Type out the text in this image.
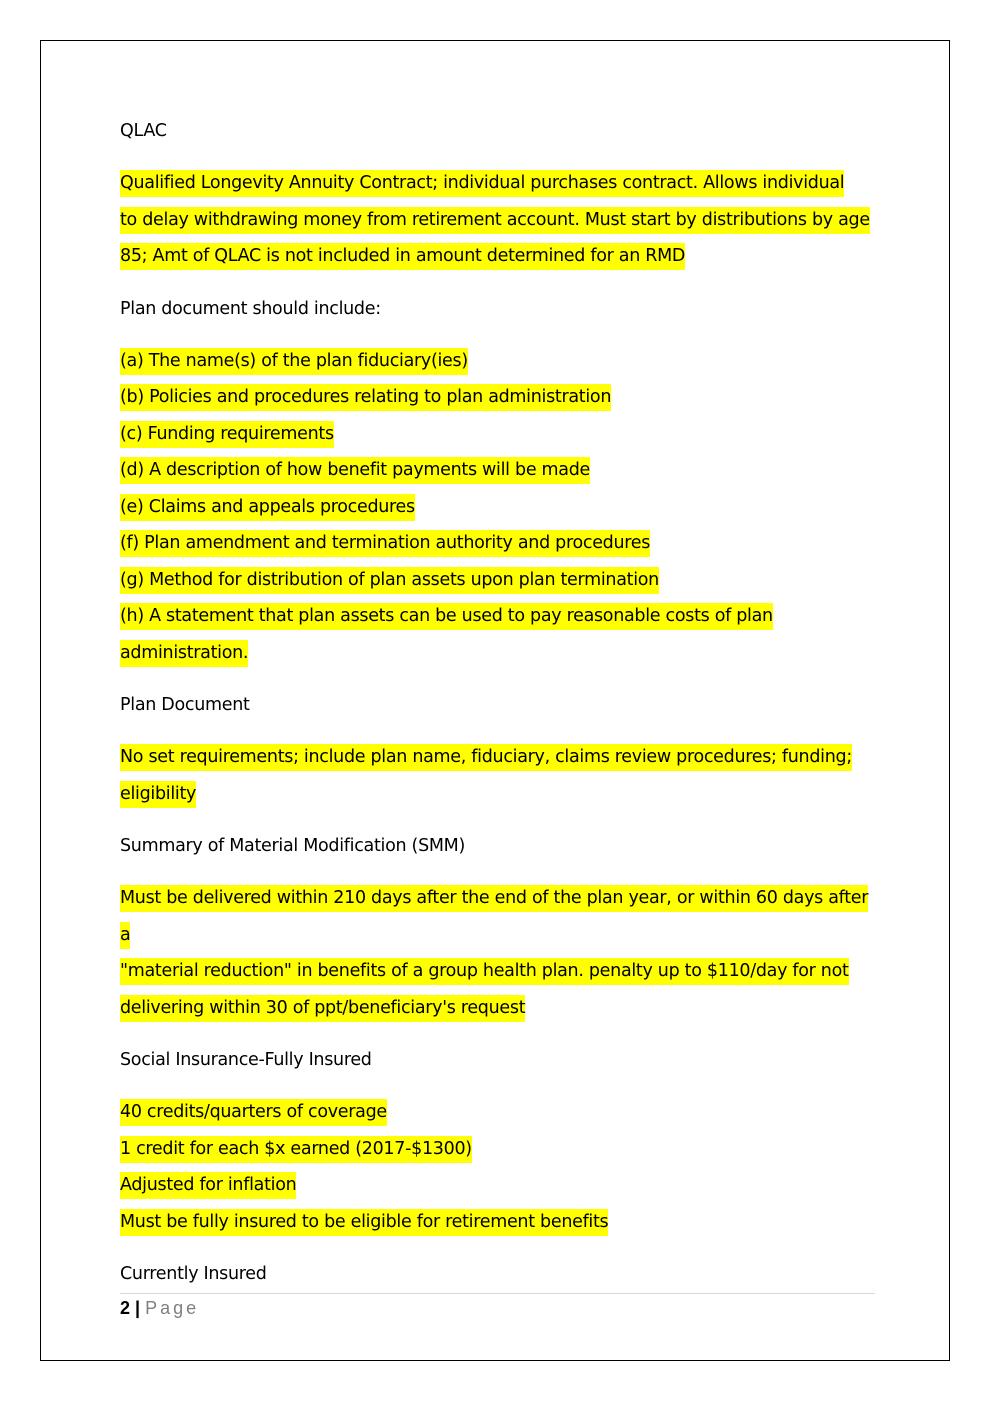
QLAC
Qualified Longevity Annuity Contract; individual purchases contract. Allows individual
to delay withdrawing money from retirement account. Must start by distributions by age
85; Amt of QLAC is not included in amount determined for an RMD
Plan document should include:
(a) The name(s) of the plan fiduciary(ies)
(b) Policies and procedures relating to plan administration
(c) Funding requirements
(d) A description of how benefit payments will be made
(e) Claims and appeals procedures
(f) Plan amendment and termination authority and procedures
(g) Method for distribution of plan assets upon plan termination
(h) A statement that plan assets can be used to pay reasonable costs of plan
administration.
Plan Document
No set requirements; include plan name, fiduciary, claims review procedures; funding;
eligibility
Summary of Material Modification (SMM)
Must be delivered within 210 days after the end of the plan year, or within 60 days after a
"material reduction" in benefits of a group health plan. penalty up to $110/day for not
delivering within 30 of ppt/beneficiary's request
Social Insurance-Fully Insured
40 credits/quarters of coverage
1 credit for each $x earned (2017-$1300)
Adjusted for inflation
Must be fully insured to be eligible for retirement benefits
Currently Insured
2 | Page
